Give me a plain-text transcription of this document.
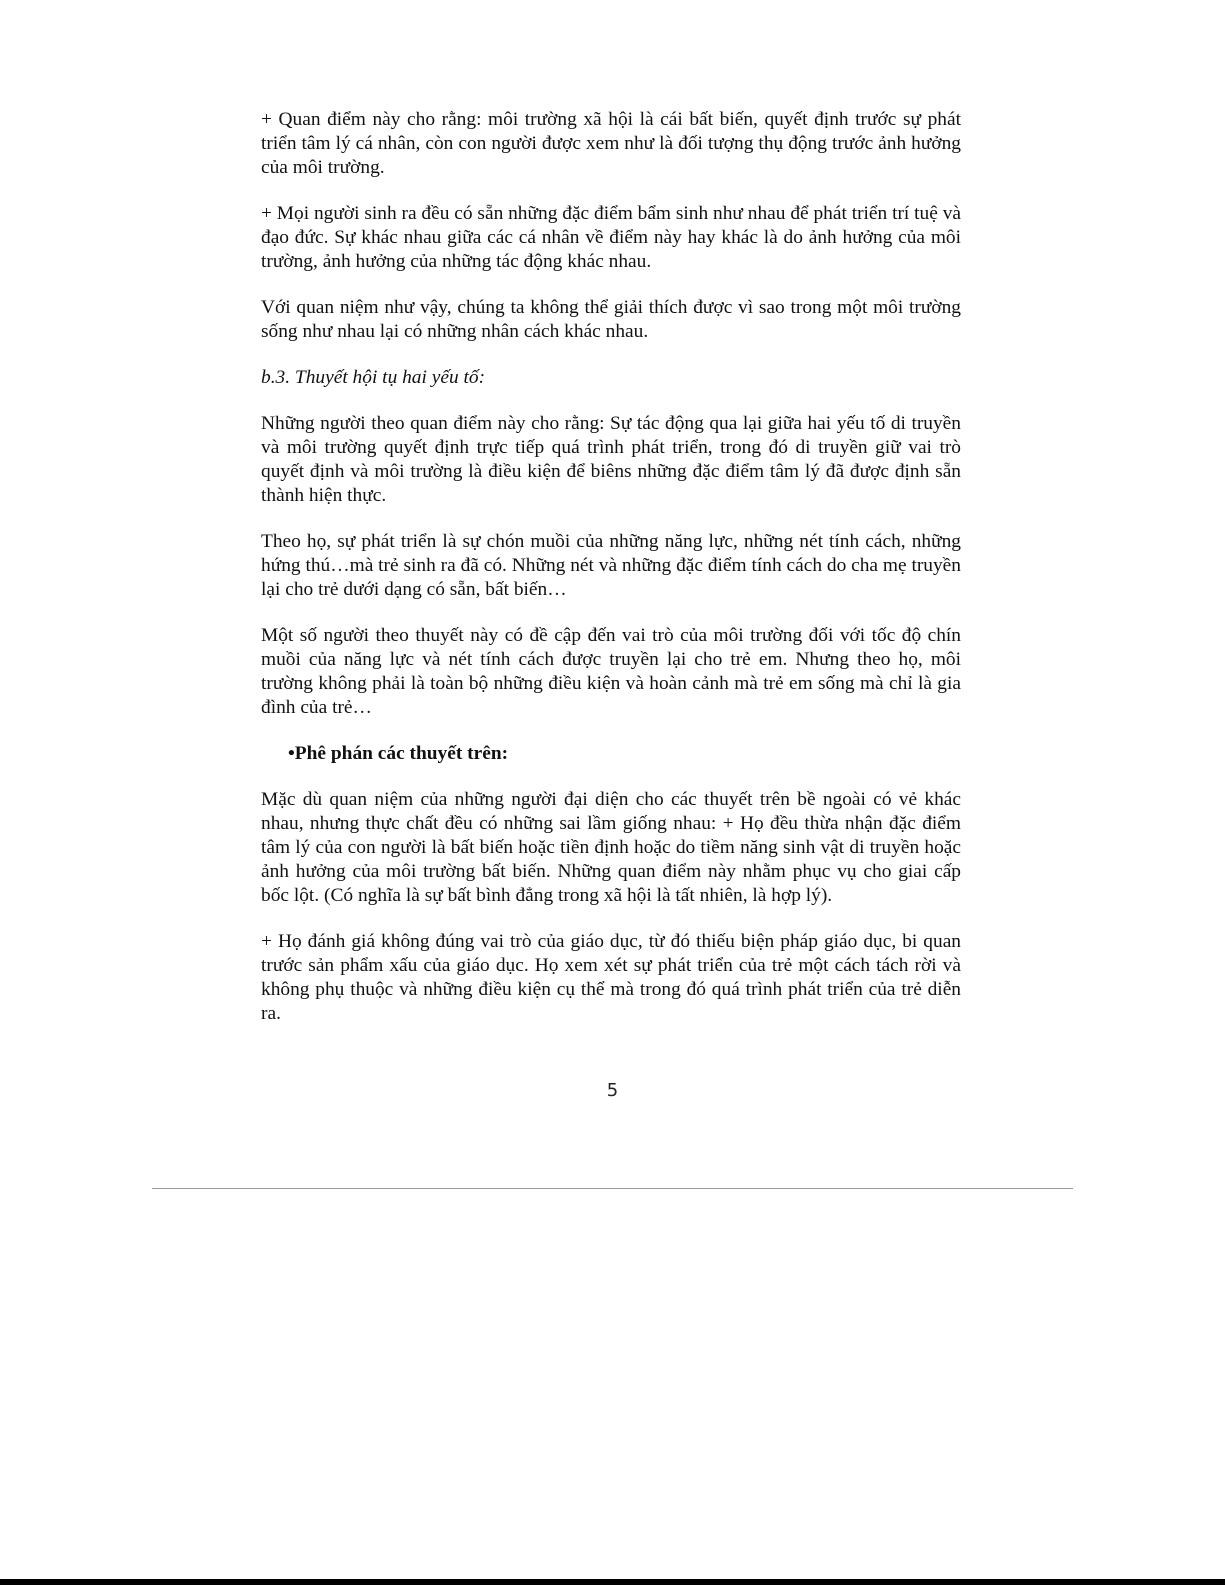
+ Quan điểm này cho rằng: môi trường xã hội là cái bất biến, quyết định trước sự phát triển tâm lý cá nhân, còn con người được xem như là đối tượng thụ động trước ảnh hưởng của môi trường.

+ Mọi người sinh ra đều có sẵn những đặc điểm bẩm sinh như nhau để phát triển trí tuệ và đạo đức. Sự khác nhau giữa các cá nhân về điểm này hay khác là do ảnh hưởng của môi trường, ảnh hưởng của những tác động khác nhau.

Với quan niệm như vậy, chúng ta không thể giải thích được vì sao trong một môi trường sống như nhau lại có những nhân cách khác nhau.

b.3. Thuyết hội tụ hai yếu tố:

Những người theo quan điểm này cho rằng: Sự tác động qua lại giữa hai yếu tố di truyền và môi trường quyết định trực tiếp quá trình phát triển, trong đó di truyền giữ vai trò quyết định và môi trường là điều kiện để biêns những đặc điểm tâm lý đã được định sẵn thành hiện thực.

Theo họ, sự phát triển là sự chón muồi của những năng lực, những nét tính cách, những hứng thú…mà trẻ sinh ra đã có. Những nét và những đặc điểm tính cách do cha mẹ truyền lại cho trẻ dưới dạng có sẵn, bất biến…

Một số người theo thuyết này có đề cập đến vai trò của môi trường đối với tốc độ chín muồi của năng lực và nét tính cách được truyền lại cho trẻ em. Nhưng theo họ, môi trường không phải là toàn bộ những điều kiện và hoàn cảnh mà trẻ em sống mà chỉ là gia đình của trẻ…

•Phê phán các thuyết trên:

Mặc dù quan niệm của những người đại diện cho các thuyết trên bề ngoài có vẻ khác nhau, nhưng thực chất đều có những sai lầm giống nhau: + Họ đều thừa nhận đặc điểm tâm lý của con người là bất biến hoặc tiền định hoặc do tiềm năng sinh vật di truyền hoặc ảnh hưởng của môi trường bất biến. Những quan điểm này nhằm phục vụ cho giai cấp bốc lột. (Có nghĩa là sự bất bình đẳng trong xã hội là tất nhiên, là hợp lý).

+ Họ đánh giá không đúng vai trò của giáo dục, từ đó thiếu biện pháp giáo dục, bi quan trước sản phẩm xấu của giáo dục. Họ xem xét sự phát triển của trẻ một cách tách rời và không phụ thuộc và những điều kiện cụ thể mà trong đó quá trình phát triển của trẻ diễn ra.

5
